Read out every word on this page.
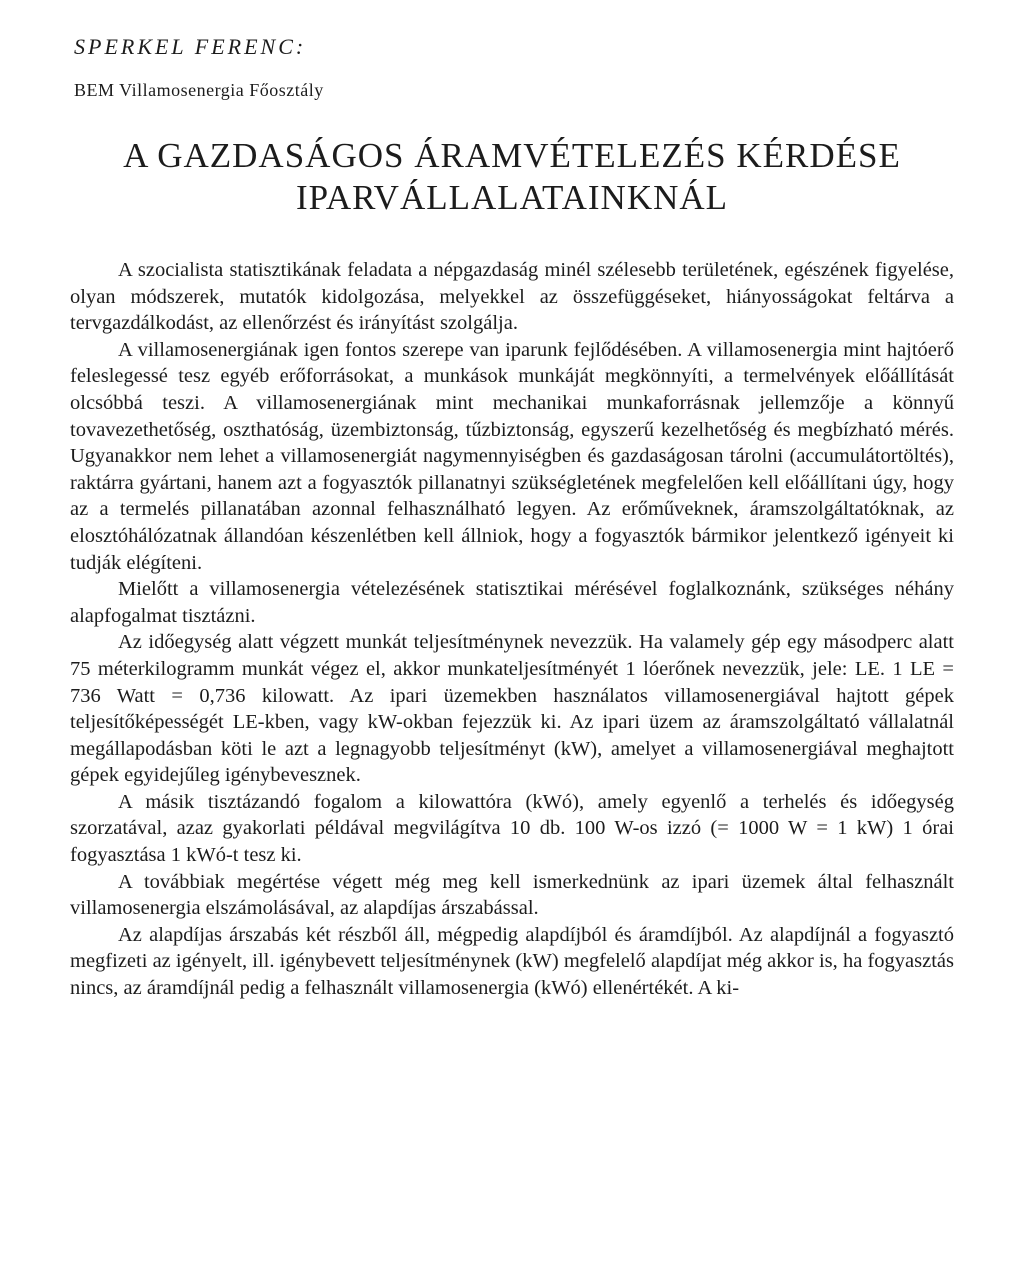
SPERKEL FERENC:
BEM Villamosenergia Főosztály
A GAZDASÁGOS ÁRAMVÉTELEZÉS KÉRDÉSE
IPARVÁLLALATAINKNÁL

A szocialista statisztikának feladata a népgazdaság minél szélesebb területének, egészének figyelése, olyan módszerek, mutatók kidolgozása, melyekkel az összefüggéseket, hiányosságokat feltárva a tervgazdálkodást, az ellenőrzést és irányítást szolgálja.

A villamosenergiának igen fontos szerepe van iparunk fejlődésében. A villamosenergia mint hajtóerő feleslegessé tesz egyéb erőforrásokat, a munkások munkáját megkönnyíti, a termelvények előállítását olcsóbbá teszi. A villamosenergiának mint mechanikai munkaforrásnak jellemzője a könnyű tovavezethetőség, oszthatóság, üzembiztonság, tűzbiztonság, egyszerű kezelhetőség és megbízható mérés. Ugyanakkor nem lehet a villamosenergiát nagymennyiségben és gazdaságosan tárolni (accumulátortöltés), raktárra gyártani, hanem azt a fogyasztók pillanatnyi szükségletének megfelelően kell előállítani úgy, hogy az a termelés pillanatában azonnal felhasználható legyen. Az erőműveknek, áramszolgáltatóknak, az elosztóhálózatnak állandóan készenlétben kell állniok, hogy a fogyasztók bármikor jelentkező igényeit ki tudják elégíteni.

Mielőtt a villamosenergia vételezésének statisztikai mérésével foglalkoznánk, szükséges néhány alapfogalmat tisztázni.

Az időegység alatt végzett munkát teljesítménynek nevezzük. Ha valamely gép egy másodperc alatt 75 méterkilogramm munkát végez el, akkor munkateljesítményét 1 lóerőnek nevezzük, jele: LE. 1 LE = 736 Watt = 0,736 kilowatt. Az ipari üzemekben használatos villamosenergiával hajtott gépek teljesítőképességét LE-kben, vagy kW-okban fejezzük ki. Az ipari üzem az áramszolgáltató vállalatnál megállapodásban köti le azt a legnagyobb teljesítményt (kW), amelyet a villamosenergiával meghajtott gépek egyidejűleg igénybevesznek.

A másik tisztázandó fogalom a kilowattóra (kWó), amely egyenlő a terhelés és időegység szorzatával, azaz gyakorlati példával megvilágítva 10 db. 100 W-os izzó (= 1000 W = 1 kW) 1 órai fogyasztása 1 kWó-t tesz ki.

A továbbiak megértése végett még meg kell ismerkednünk az ipari üzemek által felhasznált villamosenergia elszámolásával, az alapdíjas árszabással.

Az alapdíjas árszabás két részből áll, mégpedig alapdíjból és áramdíjból. Az alapdíjnál a fogyasztó megfizeti az igényelt, ill. igénybevett teljesítménynek (kW) megfelelő alapdíjat még akkor is, ha fogyasztás nincs, az áramdíjnál pedig a felhasznált villamosenergia (kWó) ellenértékét. A ki-
